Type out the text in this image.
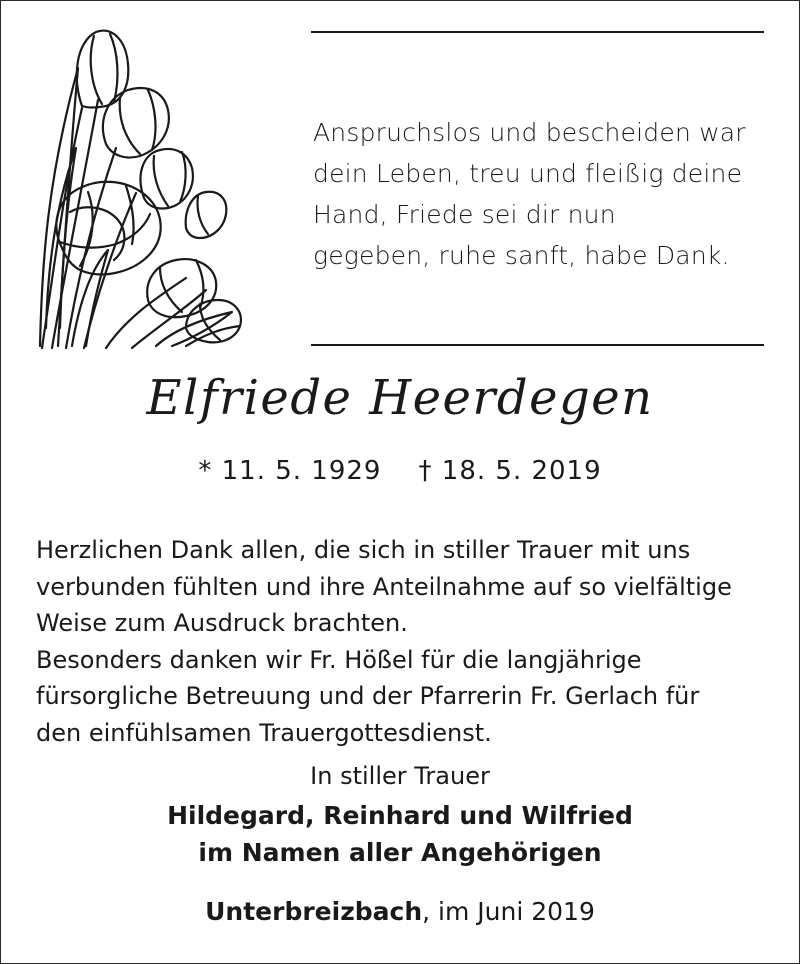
Anspruchslos und bescheiden war
dein Leben, treu und fleißig deine
Hand, Friede sei dir nun
gegeben, ruhe sanft, habe Dank.
Elfriede Heerdegen
* 11. 5. 1929    † 18. 5. 2019
Herzlichen Dank allen, die sich in stiller Trauer mit uns
verbunden fühlten und ihre Anteilnahme auf so vielfältige
Weise zum Ausdruck brachten.
Besonders danken wir Fr. Hößel für die langjährige
fürsorgliche Betreuung und der Pfarrerin Fr. Gerlach für
den einfühlsamen Trauergottesdienst.
In stiller Trauer
Hildegard, Reinhard und Wilfried
im Namen aller Angehörigen
Unterbreizbach, im Juni 2019
